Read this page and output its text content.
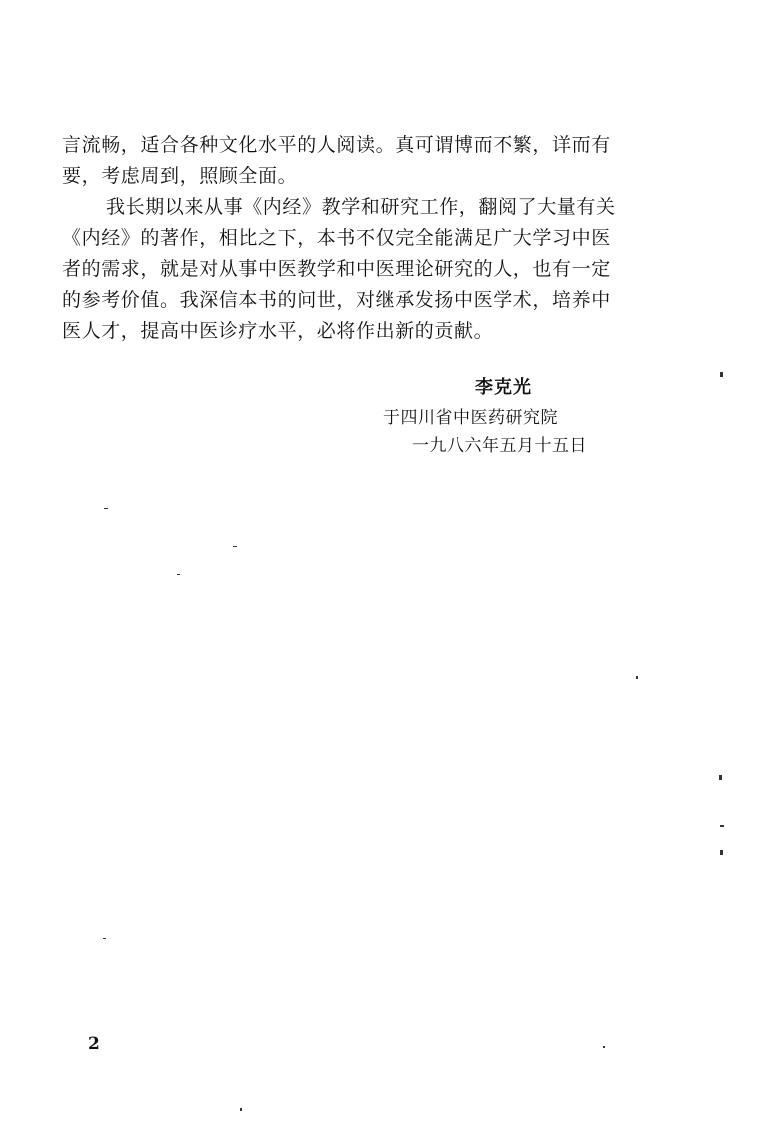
言流畅，适合各种文化水平的人阅读。真可谓博而不繁，详而有
要，考虑周到，照顾全面。
我长期以来从事《内经》教学和研究工作，翻阅了大量有关
《内经》的著作，相比之下，本书不仅完全能满足广大学习中医
者的需求，就是对从事中医教学和中医理论研究的人，也有一定
的参考价值。我深信本书的问世，对继承发扬中医学术，培养中
医人才，提高中医诊疗水平，必将作出新的贡献。
李克光
于四川省中医药研究院
一九八六年五月十五日
2
